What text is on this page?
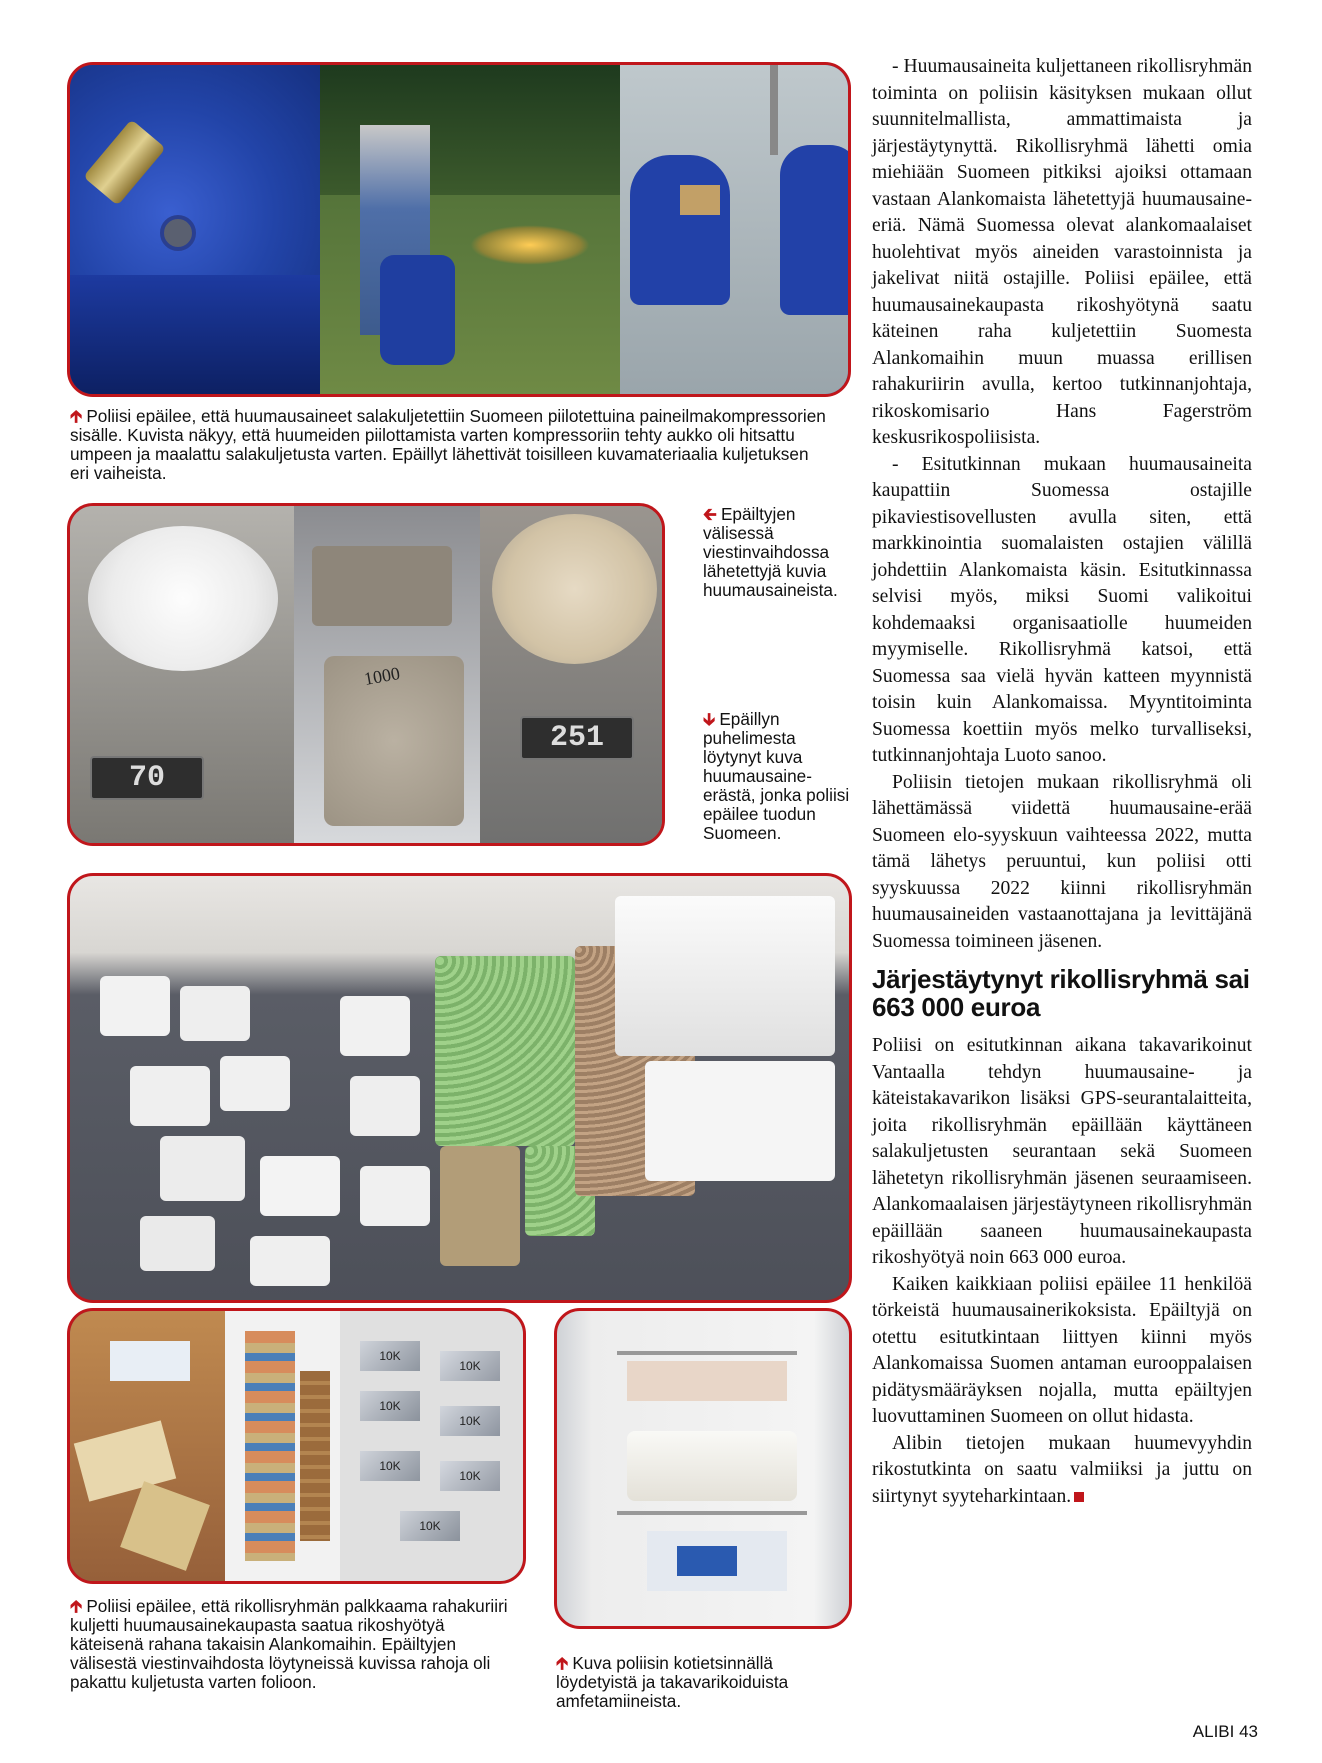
🡱 Poliisi epäilee, että huumausaineet salakuljetettiin Suomeen piilotettuina paineilmakompressorien sisälle. Kuvista näkyy, että huumeiden piilottamista varten kompressoriin tehty aukko oli hitsattu umpeen ja maalattu salakuljetusta varten. Epäillyt lähettivät toisilleen kuvamateriaalia kuljetuksen eri vaiheista.
70
1000
251
🡰 Epäiltyjen välisessä viestinvaihdossa lähetettyjä kuvia huumausaineista.
🡳 Epäillyn puhelimesta löytynyt kuva huumausaine-erästä, jonka poliisi epäilee tuodun Suomeen.
10K
10K
10K
10K
10K
10K
10K
🡱 Poliisi epäilee, että rikollisryhmän palkkaama rahakuriiri kuljetti huumausainekaupasta saatua rikoshyötyä käteisenä rahana takaisin Alankomaihin. Epäiltyjen välisestä viestinvaihdosta löytyneissä kuvissa rahoja oli pakattu kuljetusta varten folioon.
🡱 Kuva poliisin kotietsinnällä löydetyistä ja takavarikoiduista amfetamiineista.

- Huumausaineita kuljettaneen rikollisryhmän toiminta on poliisin käsityksen mukaan ollut suunnitelmallista, ammattimaista ja järjestäytynyttä. Rikollisryhmä lähetti omia miehiään Suomeen pitkiksi ajoiksi ottamaan vastaan Alankomaista lähetettyjä huumausaine-eriä. Nämä Suomessa olevat alankomaalaiset huolehtivat myös aineiden varastoinnista ja jakelivat niitä ostajille. Poliisi epäilee, että huumausainekaupasta rikoshyötynä saatu käteinen raha kuljetettiin Suomesta Alankomaihin muun muassa erillisen rahakuriirin avulla, kertoo tutkinnanjohtaja, rikoskomisario Hans Fagerström keskusrikospoliisista.

- Esitutkinnan mukaan huumausaineita kaupattiin Suomessa ostajille pikaviestisovellusten avulla siten, että markkinointia suomalaisten ostajien välillä johdettiin Alankomaista käsin. Esitutkinnassa selvisi myös, miksi Suomi valikoitui kohdemaaksi organisaatiolle huumeiden myymiselle. Rikollisryhmä katsoi, että Suomessa saa vielä hyvän katteen myynnistä toisin kuin Alankomaissa. Myyntitoiminta Suomessa koettiin myös melko turvalliseksi, tutkinnanjohtaja Luoto sanoo.

Poliisin tietojen mukaan rikollisryhmä oli lähettämässä viidettä huumausaine-erää Suomeen elo-syyskuun vaihteessa 2022, mutta tämä lähetys peruuntui, kun poliisi otti syyskuussa 2022 kiinni rikollisryhmän huumausaineiden vastaanottajana ja levittäjänä Suomessa toimineen jäsenen.

Järjestäytynyt rikollisryhmä sai 663 000 euroa

Poliisi on esitutkinnan aikana takavarikoinut Vantaalla tehdyn huumausaine- ja käteistakavarikon lisäksi GPS-seurantalaitteita, joita rikollisryhmän epäillään käyttäneen salakuljetusten seurantaan sekä Suomeen lähetetyn rikollisryhmän jäsenen seuraamiseen. Alankomaalaisen järjestäytyneen rikollisryhmän epäillään saaneen huumausainekaupasta rikoshyötyä noin 663 000 euroa.

Kaiken kaikkiaan poliisi epäilee 11 henkilöä törkeistä huumausainerikoksista. Epäiltyjä on otettu esitutkintaan liittyen kiinni myös Alankomaissa Suomen antaman eurooppalaisen pidätysmääräyksen nojalla, mutta epäiltyjen luovuttaminen Suomeen on ollut hidasta.

Alibin tietojen mukaan huumevyyhdin rikostutkinta on saatu valmiiksi ja juttu on siirtynyt syyteharkintaan.

ALIBI 43
